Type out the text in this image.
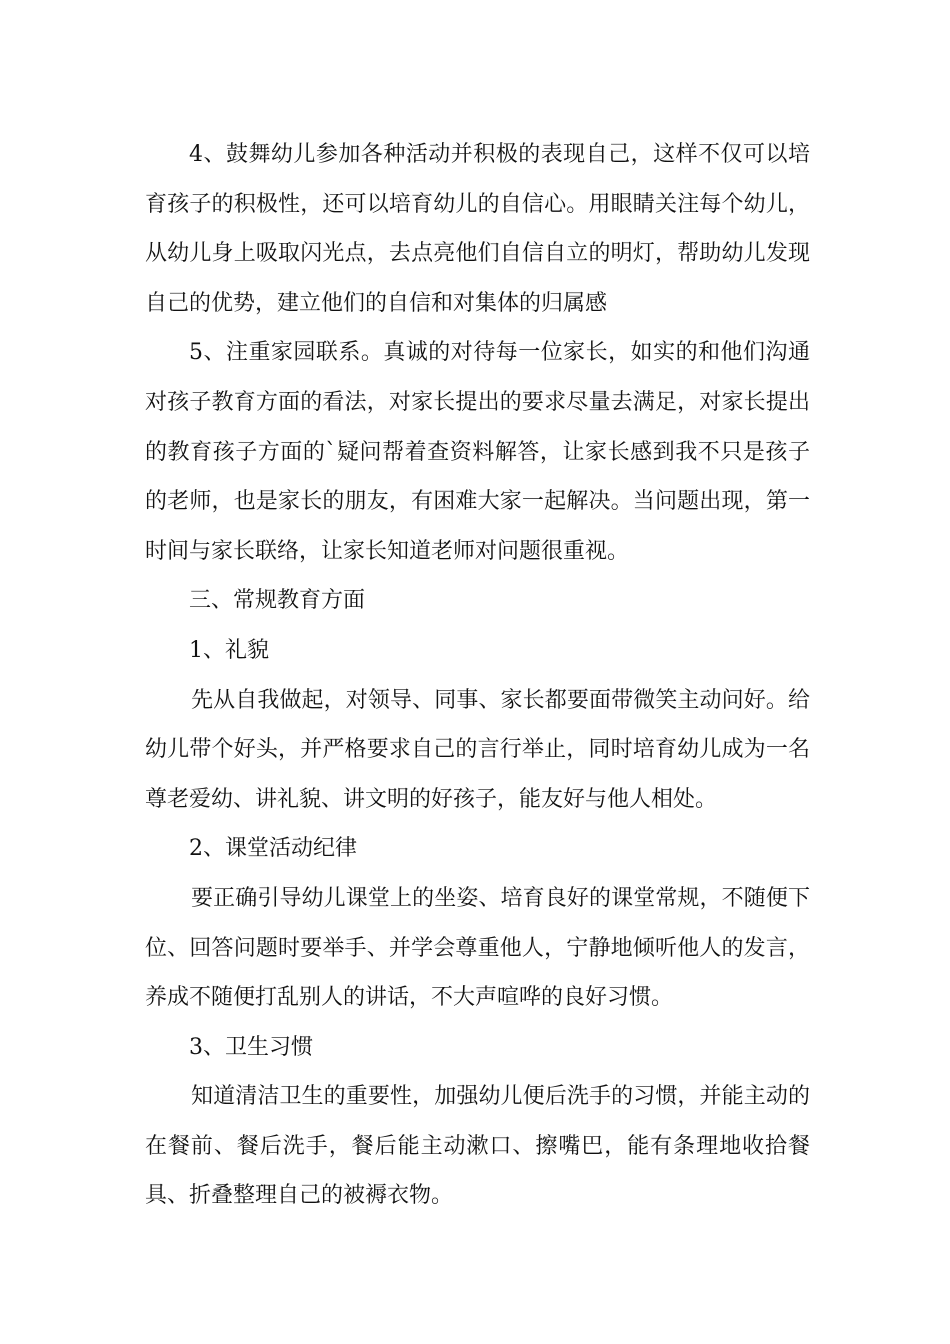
4、鼓舞幼儿参加各种活动并积极的表现自己，这样不仅可以培育孩子的积极性，还可以培育幼儿的自信心。用眼睛关注每个幼儿，从幼儿身上吸取闪光点，去点亮他们自信自立的明灯，帮助幼儿发现自己的优势，建立他们的自信和对集体的归属感

5、注重家园联系。真诚的对待每一位家长，如实的和他们沟通对孩子教育方面的看法，对家长提出的要求尽量去满足，对家长提出的教育孩子方面的`疑问帮着查资料解答，让家长感到我不只是孩子的老师，也是家长的朋友，有困难大家一起解决。当问题出现，第一时间与家长联络，让家长知道老师对问题很重视。

三、常规教育方面

1、礼貌

先从自我做起，对领导、同事、家长都要面带微笑主动问好。给幼儿带个好头，并严格要求自己的言行举止，同时培育幼儿成为一名尊老爱幼、讲礼貌、讲文明的好孩子，能友好与他人相处。

2、课堂活动纪律

要正确引导幼儿课堂上的坐姿、培育良好的课堂常规，不随便下位、回答问题时要举手、并学会尊重他人，宁静地倾听他人的发言，养成不随便打乱别人的讲话，不大声喧哗的良好习惯。

3、卫生习惯

知道清洁卫生的重要性，加强幼儿便后洗手的习惯，并能主动的在餐前、餐后洗手，餐后能主动漱口、擦嘴巴，能有条理地收拾餐具、折叠整理自己的被褥衣物。
